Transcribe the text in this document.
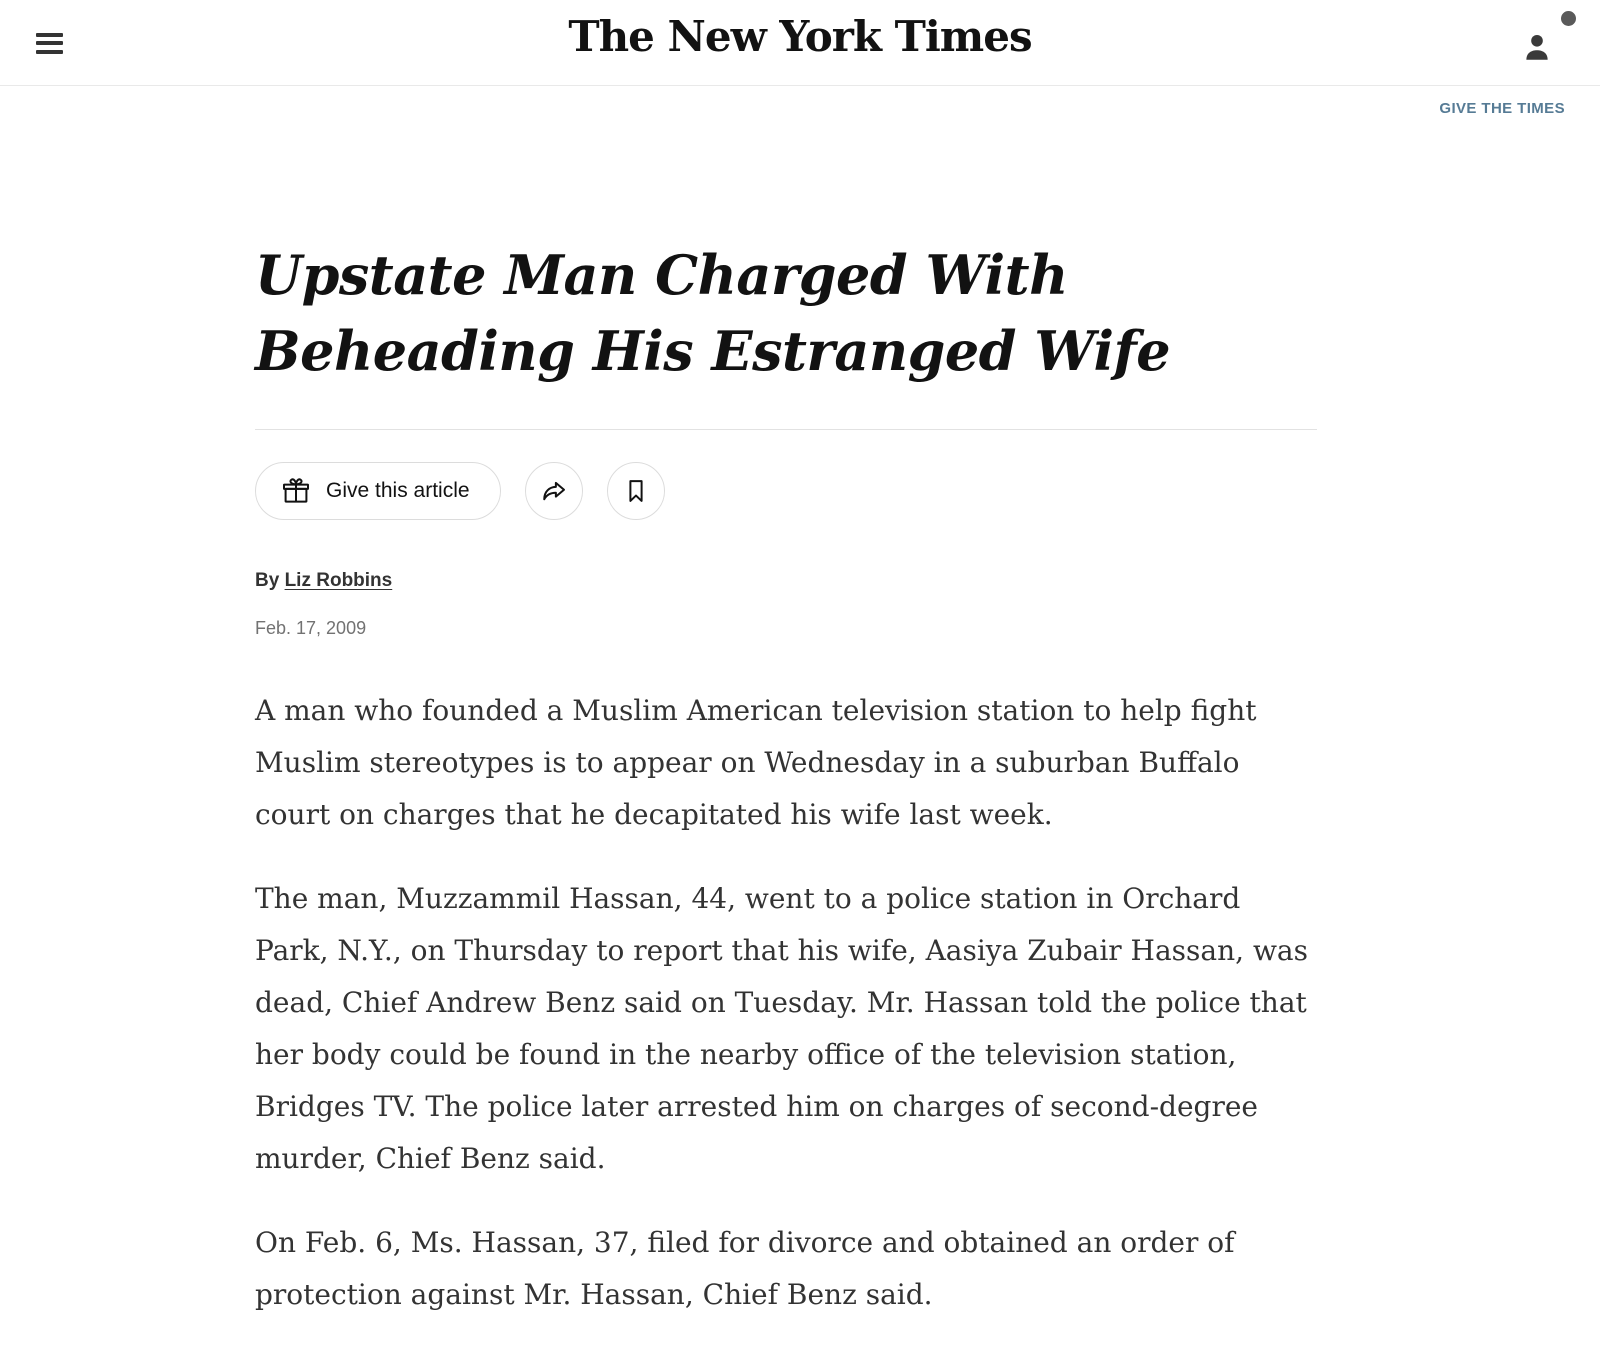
The New York Times
GIVE THE TIMES
Upstate Man Charged With Beheading His Estranged Wife
Give this article
By Liz Robbins
Feb. 17, 2009

A man who founded a Muslim American television station to help fight Muslim stereotypes is to appear on Wednesday in a suburban Buffalo court on charges that he decapitated his wife last week.

The man, Muzzammil Hassan, 44, went to a police station in Orchard Park, N.Y., on Thursday to report that his wife, Aasiya Zubair Hassan, was dead, Chief Andrew Benz said on Tuesday. Mr. Hassan told the police that her body could be found in the nearby office of the television station, Bridges TV. The police later arrested him on charges of second-degree murder, Chief Benz said.

On Feb. 6, Ms. Hassan, 37, filed for divorce and obtained an order of protection against Mr. Hassan, Chief Benz said.
